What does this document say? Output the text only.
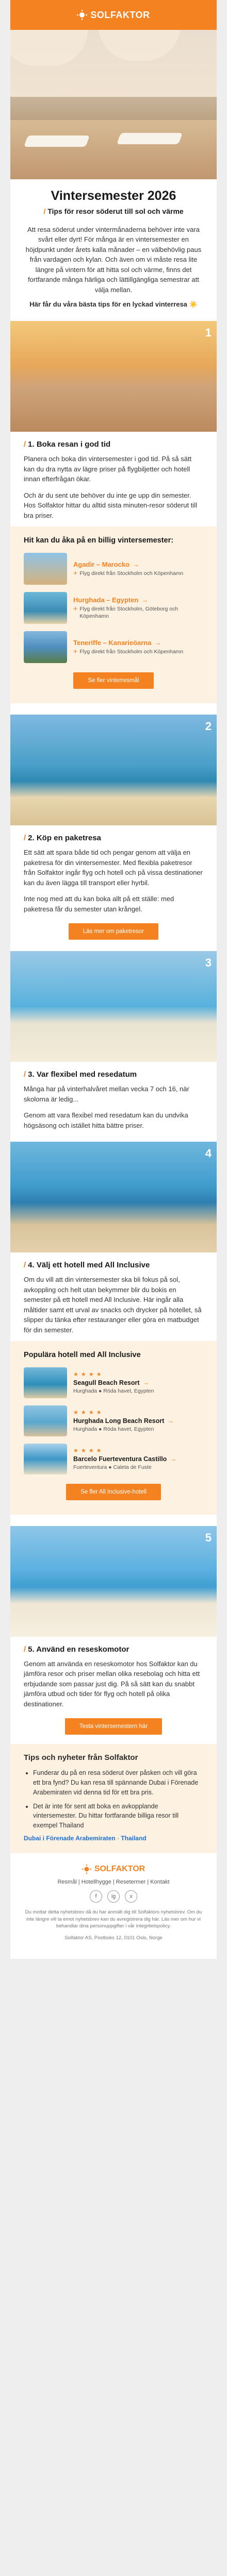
SOLFAKTOR
Vintersemester 2026

/ Tips för resor söderut till sol och värme

Att resa söderut under vintermånaderna behöver inte vara svårt eller dyrt! För många är en vintersemester en höjdpunkt under årets kalla månader – en välbehövlig paus från vardagen och kylan. Och även om vi måste resa lite längre på vintern för att hitta sol och värme, finns det fortfarande många härliga och lättillgängliga semestrar att välja mellan.

Här får du våra bästa tips för en lyckad vinterresa ☀️

1
/ 1. Boka resan i god tid

Planera och boka din vintersemester i god tid. På så sätt kan du dra nytta av lägre priser på flygbiljetter och hotell innan efterfrågan ökar.

Och är du sent ute behöver du inte ge upp din semester. Hos Solfaktor hittar du alltid sista minuten-resor söderut till bra priser.

Hit kan du åka på en billig vintersemester:
Agadir – Marocko →
✈ Flyg direkt från Stockholm och Köpenhamn
Hurghada – Egypten →
✈ Flyg direkt från Stockholm, Göteborg och Köpenhamn
Teneriffe – Kanarieöarna →
✈ Flyg direkt från Stockholm och Köpenhamn
Se fler vinterresmål
2
/ 2. Köp en paketresa

Ett sätt att spara både tid och pengar genom att välja en paketresa för din vintersemester. Med flexibla paketresor från Solfaktor ingår flyg och hotell och på vissa destinationer kan du även lägga till transport eller hyrbil.

Inte nog med att du kan boka allt på ett ställe: med paketresa får du semester utan krångel.

Läs mer om paketresor
3
/ 3. Var flexibel med resedatum

Många har på vinterhalvåret mellan vecka 7 och 16, när skolorna är ledig...

Genom att vara flexibel med resedatum kan du undvika högsäsong och istället hitta bättre priser.

4
/ 4. Välj ett hotell med All Inclusive

Om du vill att din vintersemester ska bli fokus på sol, avkoppling och helt utan bekymmer blir du bokis en semester på ett hotell med All Inclusive. Här ingår alla måltider samt ett urval av snacks och drycker på hotellet, så slipper du tänka efter restauranger eller göra en matbudget för din semester.

Populära hotell med All Inclusive
★ ★ ★ ★
Seagull Beach Resort →
Hurghada ● Röda havet, Egypten
★ ★ ★ ★
Hurghada Long Beach Resort →
Hurghada ● Röda havet, Egypten
★ ★ ★ ★
Barcelo Fuerteventura Castillo →
Fuerteventura ● Caleta de Fuste
Se fler All Inclusive-hotell
5
/ 5. Använd en reseskomotor

Genom att använda en reseskomotor hos Solfaktor kan du jämföra resor och priser mellan olika resebolag och hitta ett erbjudande som passar just dig. På så sätt kan du snabbt jämföra utbud och tider för flyg och hotell på olika destinationer.

Testa vintersemestern här
Tips och nyheter från Solfaktor
• Funderar du på en resa söderut över påsken och vill göra ett bra fynd? Du kan resa till spännande Dubai i Förenade Arabemiraten vid denna tid för ett bra pris.
• Det är inte för sent att boka en avkopplande vintersemester. Du hittar fortfarande billiga resor till exempel Thailand
Dubai i Förenade Arabemiraten · Thailand
SOLFAKTOR
Resmål | Hotellhygge | Resetermer | Kontakt
f	ig	x

Du mottar detta nyhetsbrev då du har anmält dig till Solfaktors nyhetsbrev. Om du inte längre vill ta emot nyhetsbrev kan du avregistrera dig här. Läs mer om hur vi behandlar dina personuppgifter i vår integritetspolicy.

Solfaktor AS, Postboks 12, 0101 Oslo, Norge
